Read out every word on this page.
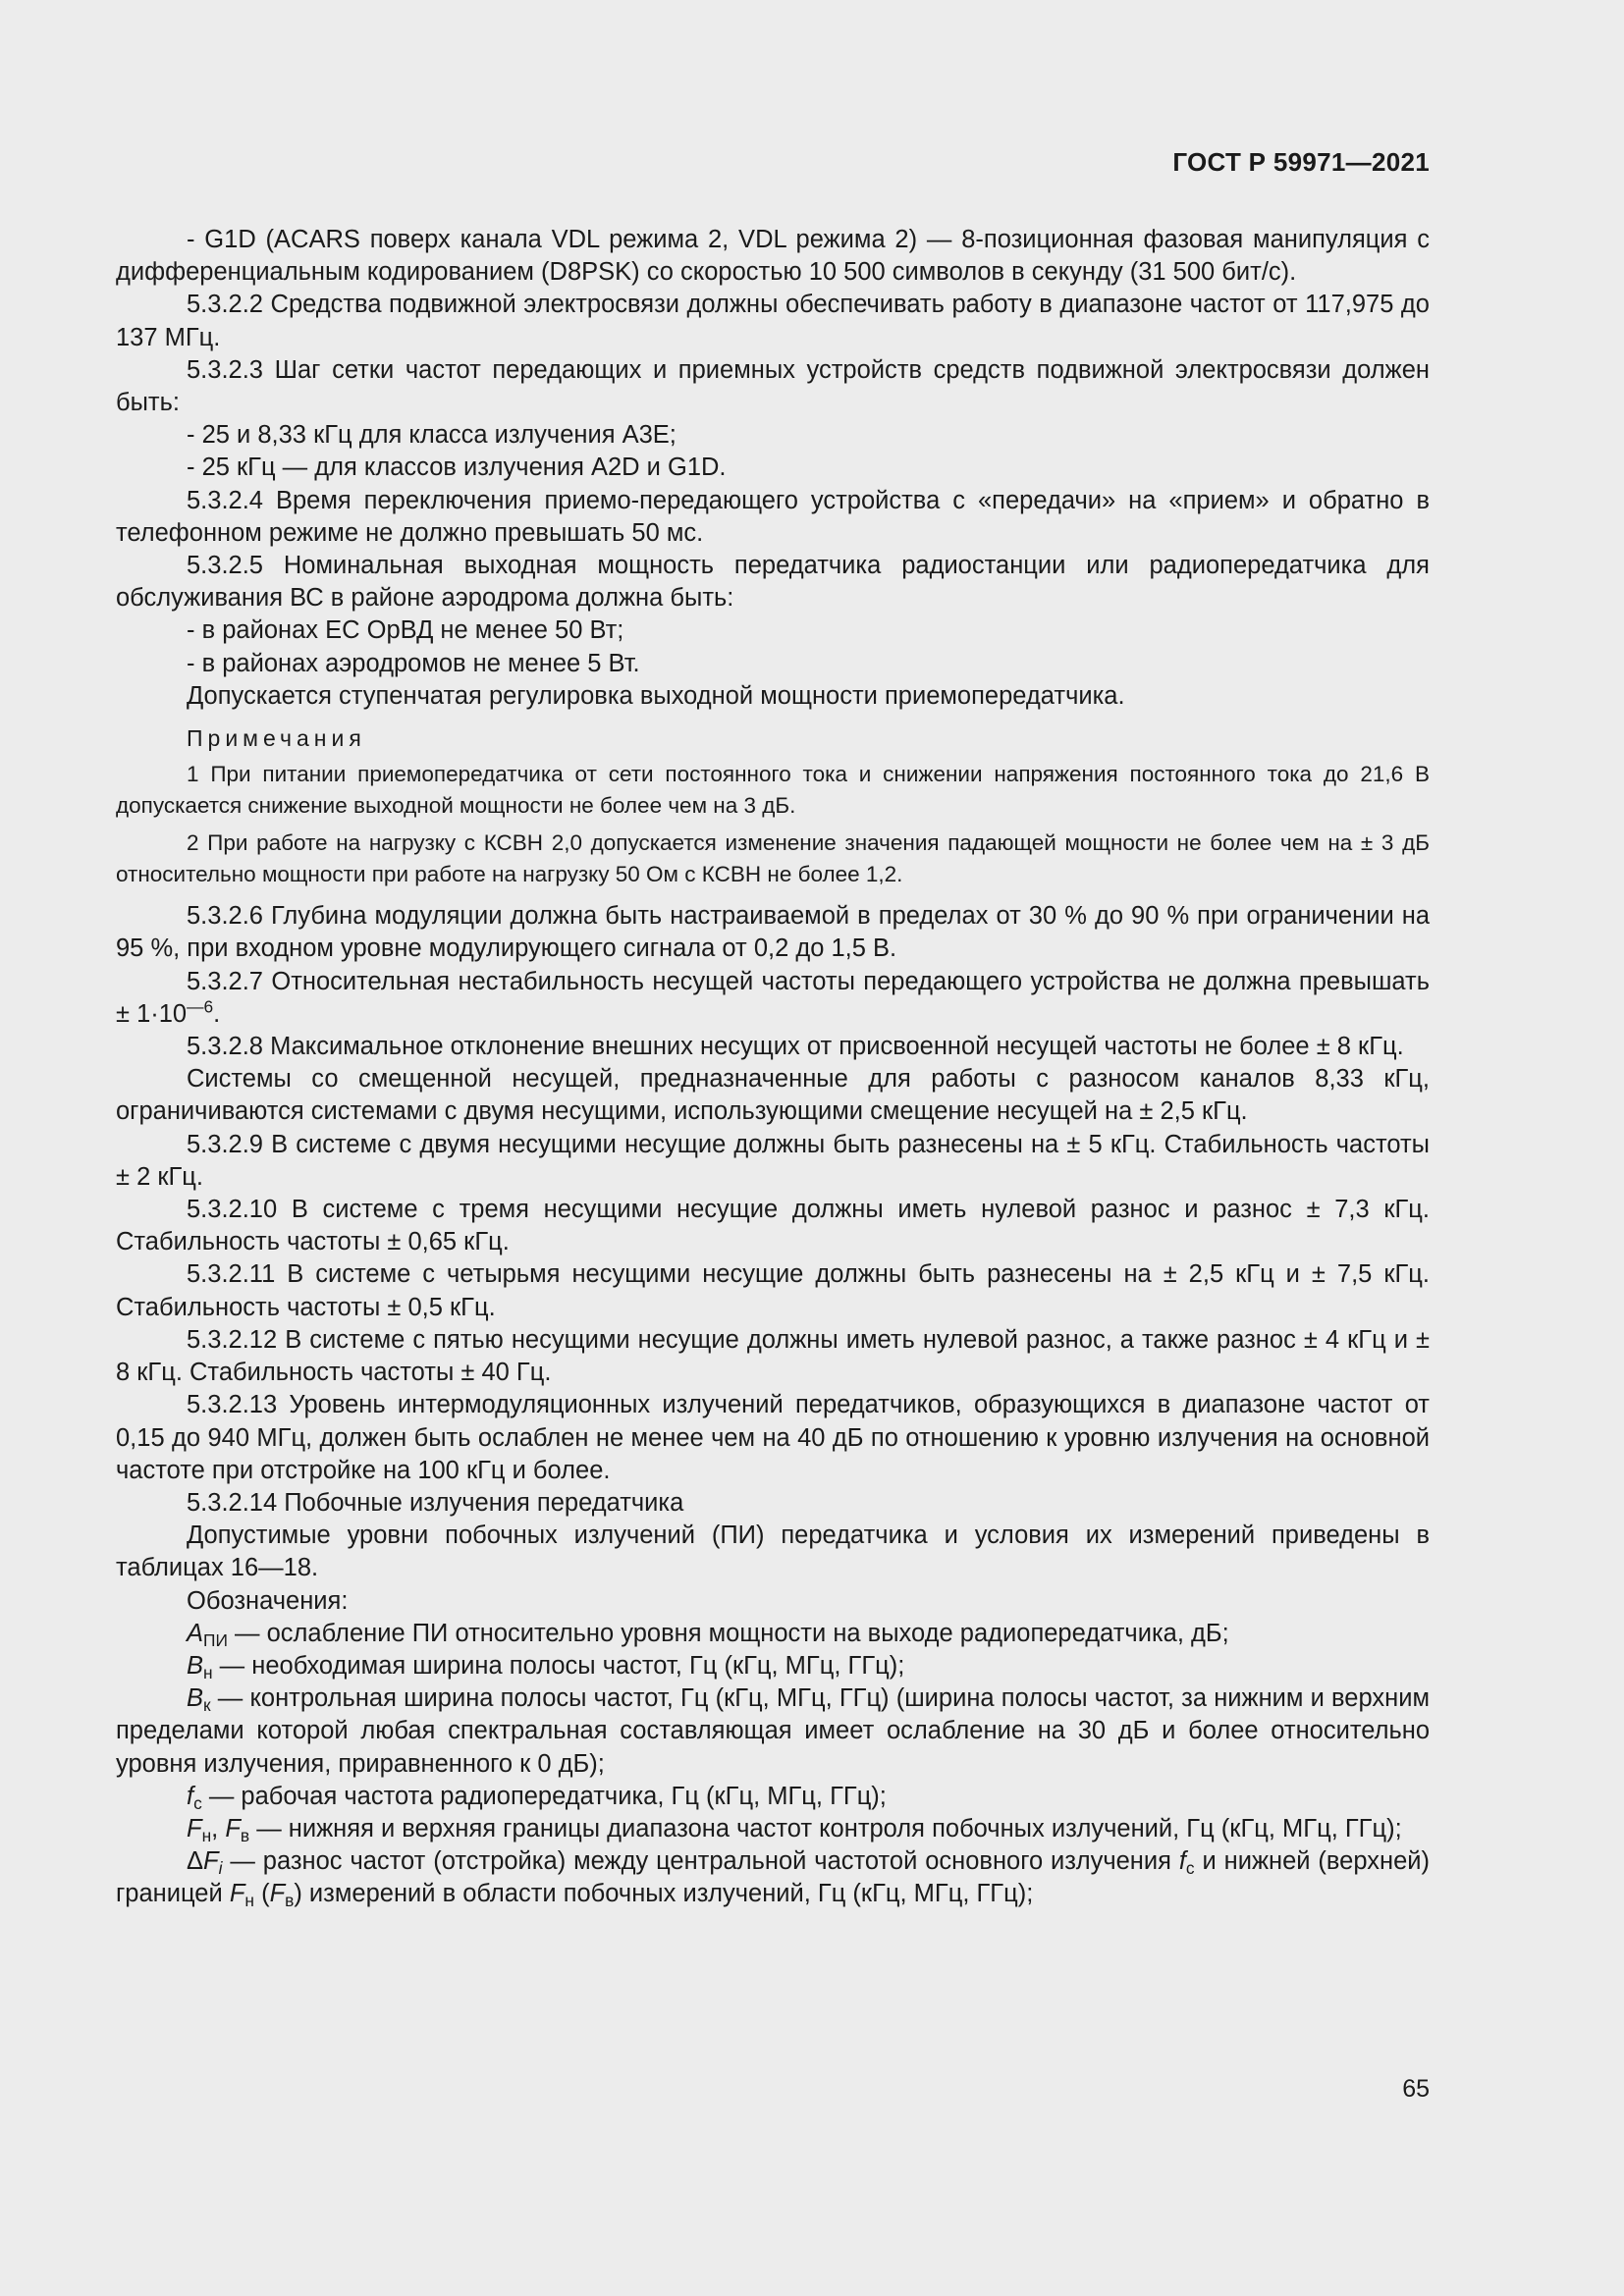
ГОСТ Р 59971—2021

- G1D (ACARS поверх канала VDL режима 2, VDL режима 2) — 8-позиционная фазовая манипуляция с дифференциальным кодированием (D8PSK) со скоростью 10 500 символов в секунду (31 500 бит/с).

5.3.2.2 Средства подвижной электросвязи должны обеспечивать работу в диапазоне частот от 117,975 до 137 МГц.

5.3.2.3 Шаг сетки частот передающих и приемных устройств средств подвижной электросвязи должен быть:

- 25 и 8,33 кГц для класса излучения А3Е;

- 25 кГц — для классов излучения A2D и G1D.

5.3.2.4 Время переключения приемо-передающего устройства с «передачи» на «прием» и обратно в телефонном режиме не должно превышать 50 мс.

5.3.2.5 Номинальная выходная мощность передатчика радиостанции или радиопередатчика для обслуживания ВС в районе аэродрома должна быть:

- в районах ЕС ОрВД не менее 50 Вт;

- в районах аэродромов не менее 5 Вт.

Допускается ступенчатая регулировка выходной мощности приемопередатчика.

Примечания

1 При питании приемопередатчика от сети постоянного тока и снижении напряжения постоянного тока до 21,6 В допускается снижение выходной мощности не более чем на 3 дБ.

2 При работе на нагрузку с КСВН 2,0 допускается изменение значения падающей мощности не более чем на ± 3 дБ относительно мощности при работе на нагрузку 50 Ом с КСВН не более 1,2.

5.3.2.6 Глубина модуляции должна быть настраиваемой в пределах от 30 % до 90 % при ограничении на 95 %, при входном уровне модулирующего сигнала от 0,2 до 1,5 В.

5.3.2.7 Относительная нестабильность несущей частоты передающего устройства не должна превышать ± $1\cdot 10^{—6}$.

5.3.2.8 Максимальное отклонение внешних несущих от присвоенной несущей частоты не более ± 8 кГц.

Системы со смещенной несущей, предназначенные для работы с разносом каналов 8,33 кГц, ограничиваются системами с двумя несущими, использующими смещение несущей на ± 2,5 кГц.

5.3.2.9 В системе с двумя несущими несущие должны быть разнесены на ± 5 кГц. Стабильность частоты ± 2 кГц.

5.3.2.10 В системе с тремя несущими несущие должны иметь нулевой разнос и разнос ± 7,3 кГц. Стабильность частоты ± 0,65 кГц.

5.3.2.11 В системе с четырьмя несущими несущие должны быть разнесены на ± 2,5 кГц и ± 7,5 кГц. Стабильность частоты ± 0,5 кГц.

5.3.2.12 В системе с пятью несущими несущие должны иметь нулевой разнос, а также разнос ± 4 кГц и ± 8 кГц. Стабильность частоты ± 40 Гц.

5.3.2.13 Уровень интермодуляционных излучений передатчиков, образующихся в диапазоне частот от 0,15 до 940 МГц, должен быть ослаблен не менее чем на 40 дБ по отношению к уровню излучения на основной частоте при отстройке на 100 кГц и более.

5.3.2.14 Побочные излучения передатчика

Допустимые уровни побочных излучений (ПИ) передатчика и условия их измерений приведены в таблицах 16—18.

Обозначения:

$A_{ПИ}$ — ослабление ПИ относительно уровня мощности на выходе радиопередатчика, дБ;

$B_н$ — необходимая ширина полосы частот, Гц (кГц, МГц, ГГц);

$B_к$ — контрольная ширина полосы частот, Гц (кГц, МГц, ГГц) (ширина полосы частот, за нижним и верхним пределами которой любая спектральная составляющая имеет ослабление на 30 дБ и более относительно уровня излучения, приравненного к 0 дБ);

$f_c$ — рабочая частота радиопередатчика, Гц (кГц, МГц, ГГц);

$F_н$, $F_в$ — нижняя и верхняя границы диапазона частот контроля побочных излучений, Гц (кГц, МГц, ГГц);

$\Delta F_i$ — разнос частот (отстройка) между центральной частотой основного излучения $f_c$ и нижней (верхней) границей $F_н$ $(F_в)$ измерений в области побочных излучений, Гц (кГц, МГц, ГГц);

65
